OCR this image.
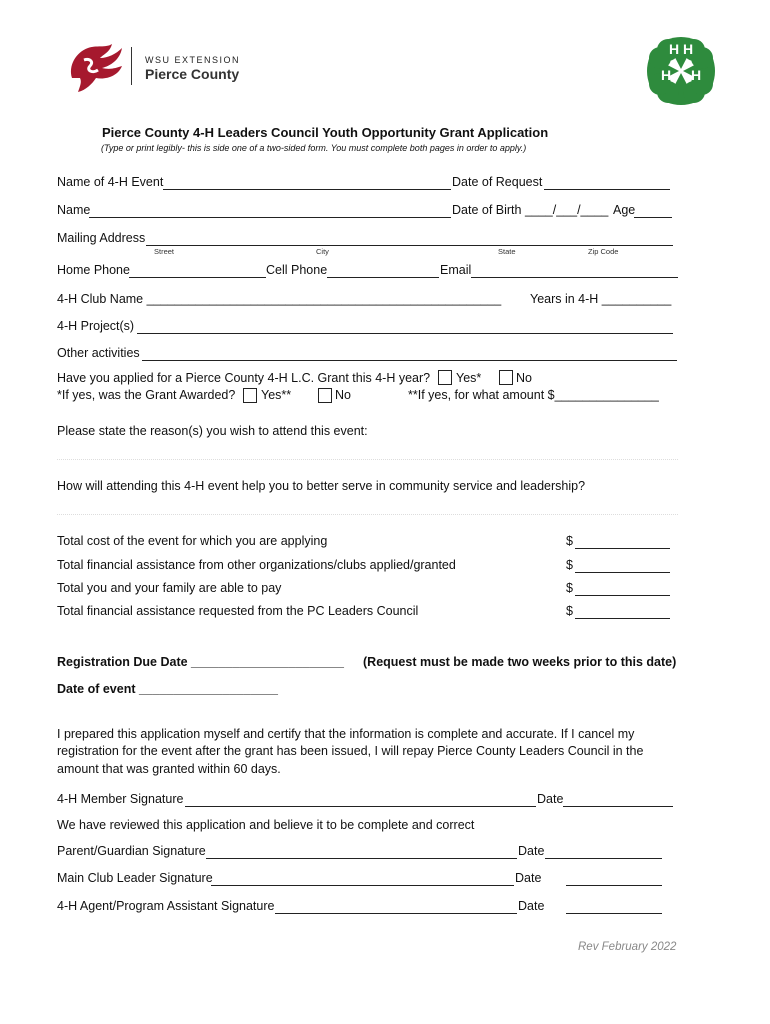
WSU EXTENSION
Pierce County
H H
H H
Pierce County 4-H Leaders Council Youth Opportunity Grant Application
(Type or print legibly- this is side one of a two-sided form. You must complete both pages in order to apply.)
Name of 4-H Event	Date of Request
Name	Date of Birth ____/___/____ Age
Mailing Address
Street	City	State	Zip Code
Home Phone	Cell Phone	Email
4-H Club Name ___________________________________________________ Years in 4-H __________
4-H Project(s)
Other activities
Have you applied for a Pierce County 4-H L.C. Grant this 4-H year? Yes*	No
*If yes, was the Grant Awarded? Yes**	No	**If yes, for what amount $_______________
Please state the reason(s) you wish to attend this event:
How will attending this 4-H event help you to better serve in community service and leadership?
Total cost of the event for which you are applying	$
Total financial assistance from other organizations/clubs applied/granted	$
Total you and your family are able to pay	$
Total financial assistance requested from the PC Leaders Council	$
Registration Due Date ______________________ (Request must be made two weeks prior to this date)
Date of event ____________________
I prepared this application myself and certify that the information is complete and accurate. If I cancel my
registration for the event after the grant has been issued, I will repay Pierce County Leaders Council in the
amount that was granted within 60 days.
4-H Member Signature	Date
We have reviewed this application and believe it to be complete and correct
Parent/Guardian Signature	Date
Main Club Leader Signature	Date
4-H Agent/Program Assistant Signature	Date
Rev February 2022
